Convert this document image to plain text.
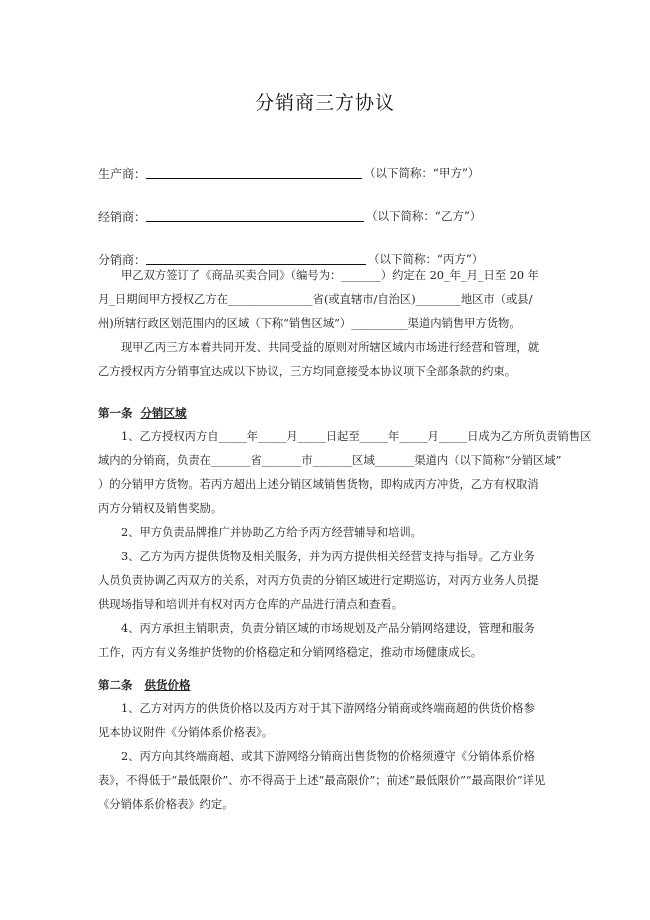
分销商三方协议
生产商：	（以下简称：“甲方”）
经销商：	（以下简称：“乙方”）
分销商：	（以下简称：“丙方”）
甲乙双方签订了《商品买卖合同》（编号为：_______）约定在 20_年_月_日至 20 年
月_日期间甲方授权乙方在_______________省(或直辖市/自治区)________地区市（或县/
州)所辖行政区划范围内的区域（下称“销售区域”）__________渠道内销售甲方货物。
现甲乙丙三方本着共同开发、共同受益的原则对所辖区域内市场进行经营和管理，就
乙方授权丙方分销事宜达成以下协议，三方均同意接受本协议项下全部条款的约束。
第一条 分销区域
1、乙方授权丙方自_____年_____月_____日起至_____年_____月_____日成为乙方所负责销售区
域内的分销商，负责在_______省_______市_______区域_______渠道内（以下简称“分销区域”
）的分销甲方货物。若丙方超出上述分销区域销售货物，即构成丙方冲货，乙方有权取消
丙方分销权及销售奖励。
2、甲方负责品牌推广并协助乙方给予丙方经营辅导和培训。
3、乙方为丙方提供货物及相关服务，并为丙方提供相关经营支持与指导。乙方业务
人员负责协调乙丙双方的关系，对丙方负责的分销区域进行定期巡访，对丙方业务人员提
供现场指导和培训并有权对丙方仓库的产品进行清点和查看。
4、丙方承担主销职责，负责分销区域的市场规划及产品分销网络建设，管理和服务
工作，丙方有义务维护货物的价格稳定和分销网络稳定，推动市场健康成长。
第二条 供货价格
1、乙方对丙方的供货价格以及丙方对于其下游网络分销商或终端商超的供货价格参
见本协议附件《分销体系价格表》。
2、丙方向其终端商超、或其下游网络分销商出售货物的价格须遵守《分销体系价格
表》，不得低于“最低限价”、亦不得高于上述“最高限价”；前述“最低限价”“最高限价”详见
《分销体系价格表》约定。
